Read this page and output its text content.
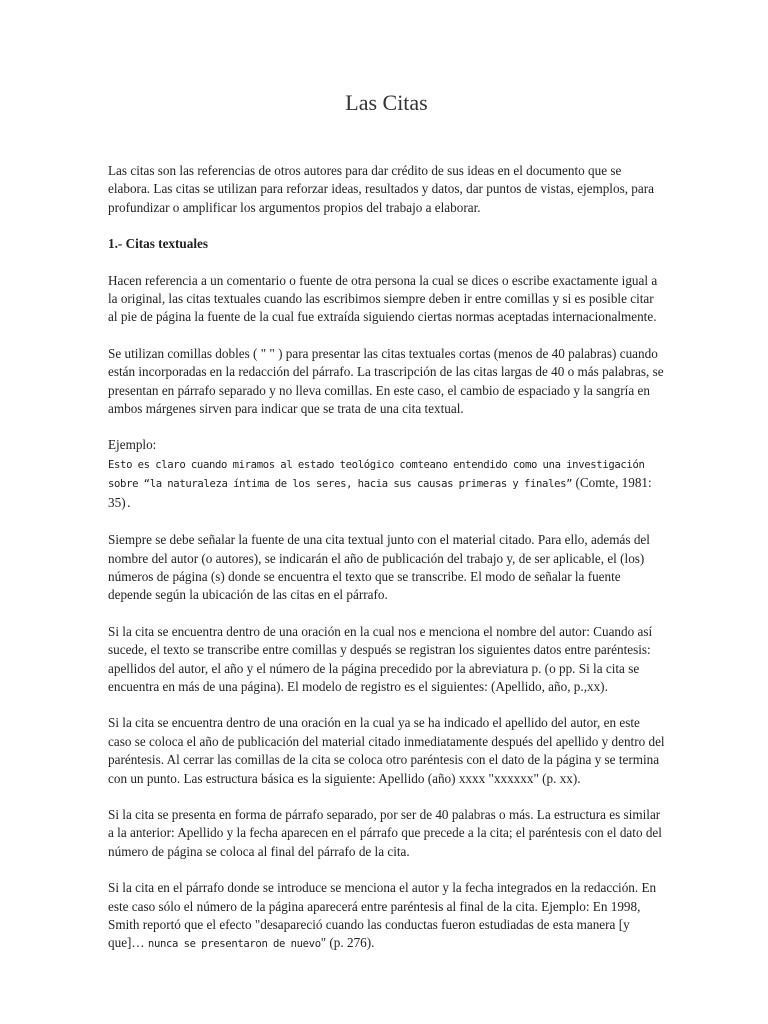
Las Citas

Las citas son las referencias de otros autores para dar crédito de sus ideas en el documento que se elabora. Las citas se utilizan para reforzar ideas, resultados y datos, dar puntos de vistas, ejemplos, para profundizar o amplificar los argumentos propios del trabajo a elaborar.

1.- Citas textuales

Hacen referencia a un comentario o fuente de otra persona la cual se dices o escribe exactamente igual a la original, las citas textuales cuando las escribimos siempre deben ir entre comillas y si es posible citar al pie de página la fuente de la cual fue extraída siguiendo ciertas normas aceptadas internacionalmente.

Se utilizan comillas dobles ( " " ) para presentar las citas textuales cortas (menos de 40 palabras) cuando están incorporadas en la redacción del párrafo. La trascripción de las citas largas de 40 o más palabras, se presentan en párrafo separado y no lleva comillas. En este caso, el cambio de espaciado y la sangría en ambos márgenes sirven para indicar que se trata de una cita textual.

Ejemplo:

Esto es claro cuando miramos al estado teológico comteano entendido como una investigación sobre “la naturaleza íntima de los seres, hacia sus causas primeras y finales” (Comte, 1981: 35).

Siempre se debe señalar la fuente de una cita textual junto con el material citado. Para ello, además del nombre del autor (o autores), se indicarán el año de publicación del trabajo y, de ser aplicable, el (los) números de página (s) donde se encuentra el texto que se transcribe. El modo de señalar la fuente depende según la ubicación de las citas en el párrafo.

Si la cita se encuentra dentro de una oración en la cual nos e menciona el nombre del autor: Cuando así sucede, el texto se transcribe entre comillas y después se registran los siguientes datos entre paréntesis: apellidos del autor, el año y el número de la página precedido por la abreviatura p. (o pp. Si la cita se encuentra en más de una página). El modelo de registro es el siguientes: (Apellido, año, p.,xx).

Si la cita se encuentra dentro de una oración en la cual ya se ha indicado el apellido del autor, en este caso se coloca el año de publicación del material citado inmediatamente después del apellido y dentro del paréntesis. Al cerrar las comillas de la cita se coloca otro paréntesis con el dato de la página y se termina con un punto. Las estructura básica es la siguiente: Apellido (año) xxxx "xxxxxx" (p. xx).

Si la cita se presenta en forma de párrafo separado, por ser de 40 palabras o más. La estructura es similar a la anterior: Apellido y la fecha aparecen en el párrafo que precede a la cita; el paréntesis con el dato del número de página se coloca al final del párrafo de la cita.

Si la cita en el párrafo donde se introduce se menciona el autor y la fecha integrados en la redacción. En este caso sólo el número de la página aparecerá entre paréntesis al final de la cita. Ejemplo: En 1998, Smith reportó que el efecto "desapareció cuando las conductas fueron estudiadas de esta manera [y que]… nunca se presentaron de nuevo" (p. 276).
